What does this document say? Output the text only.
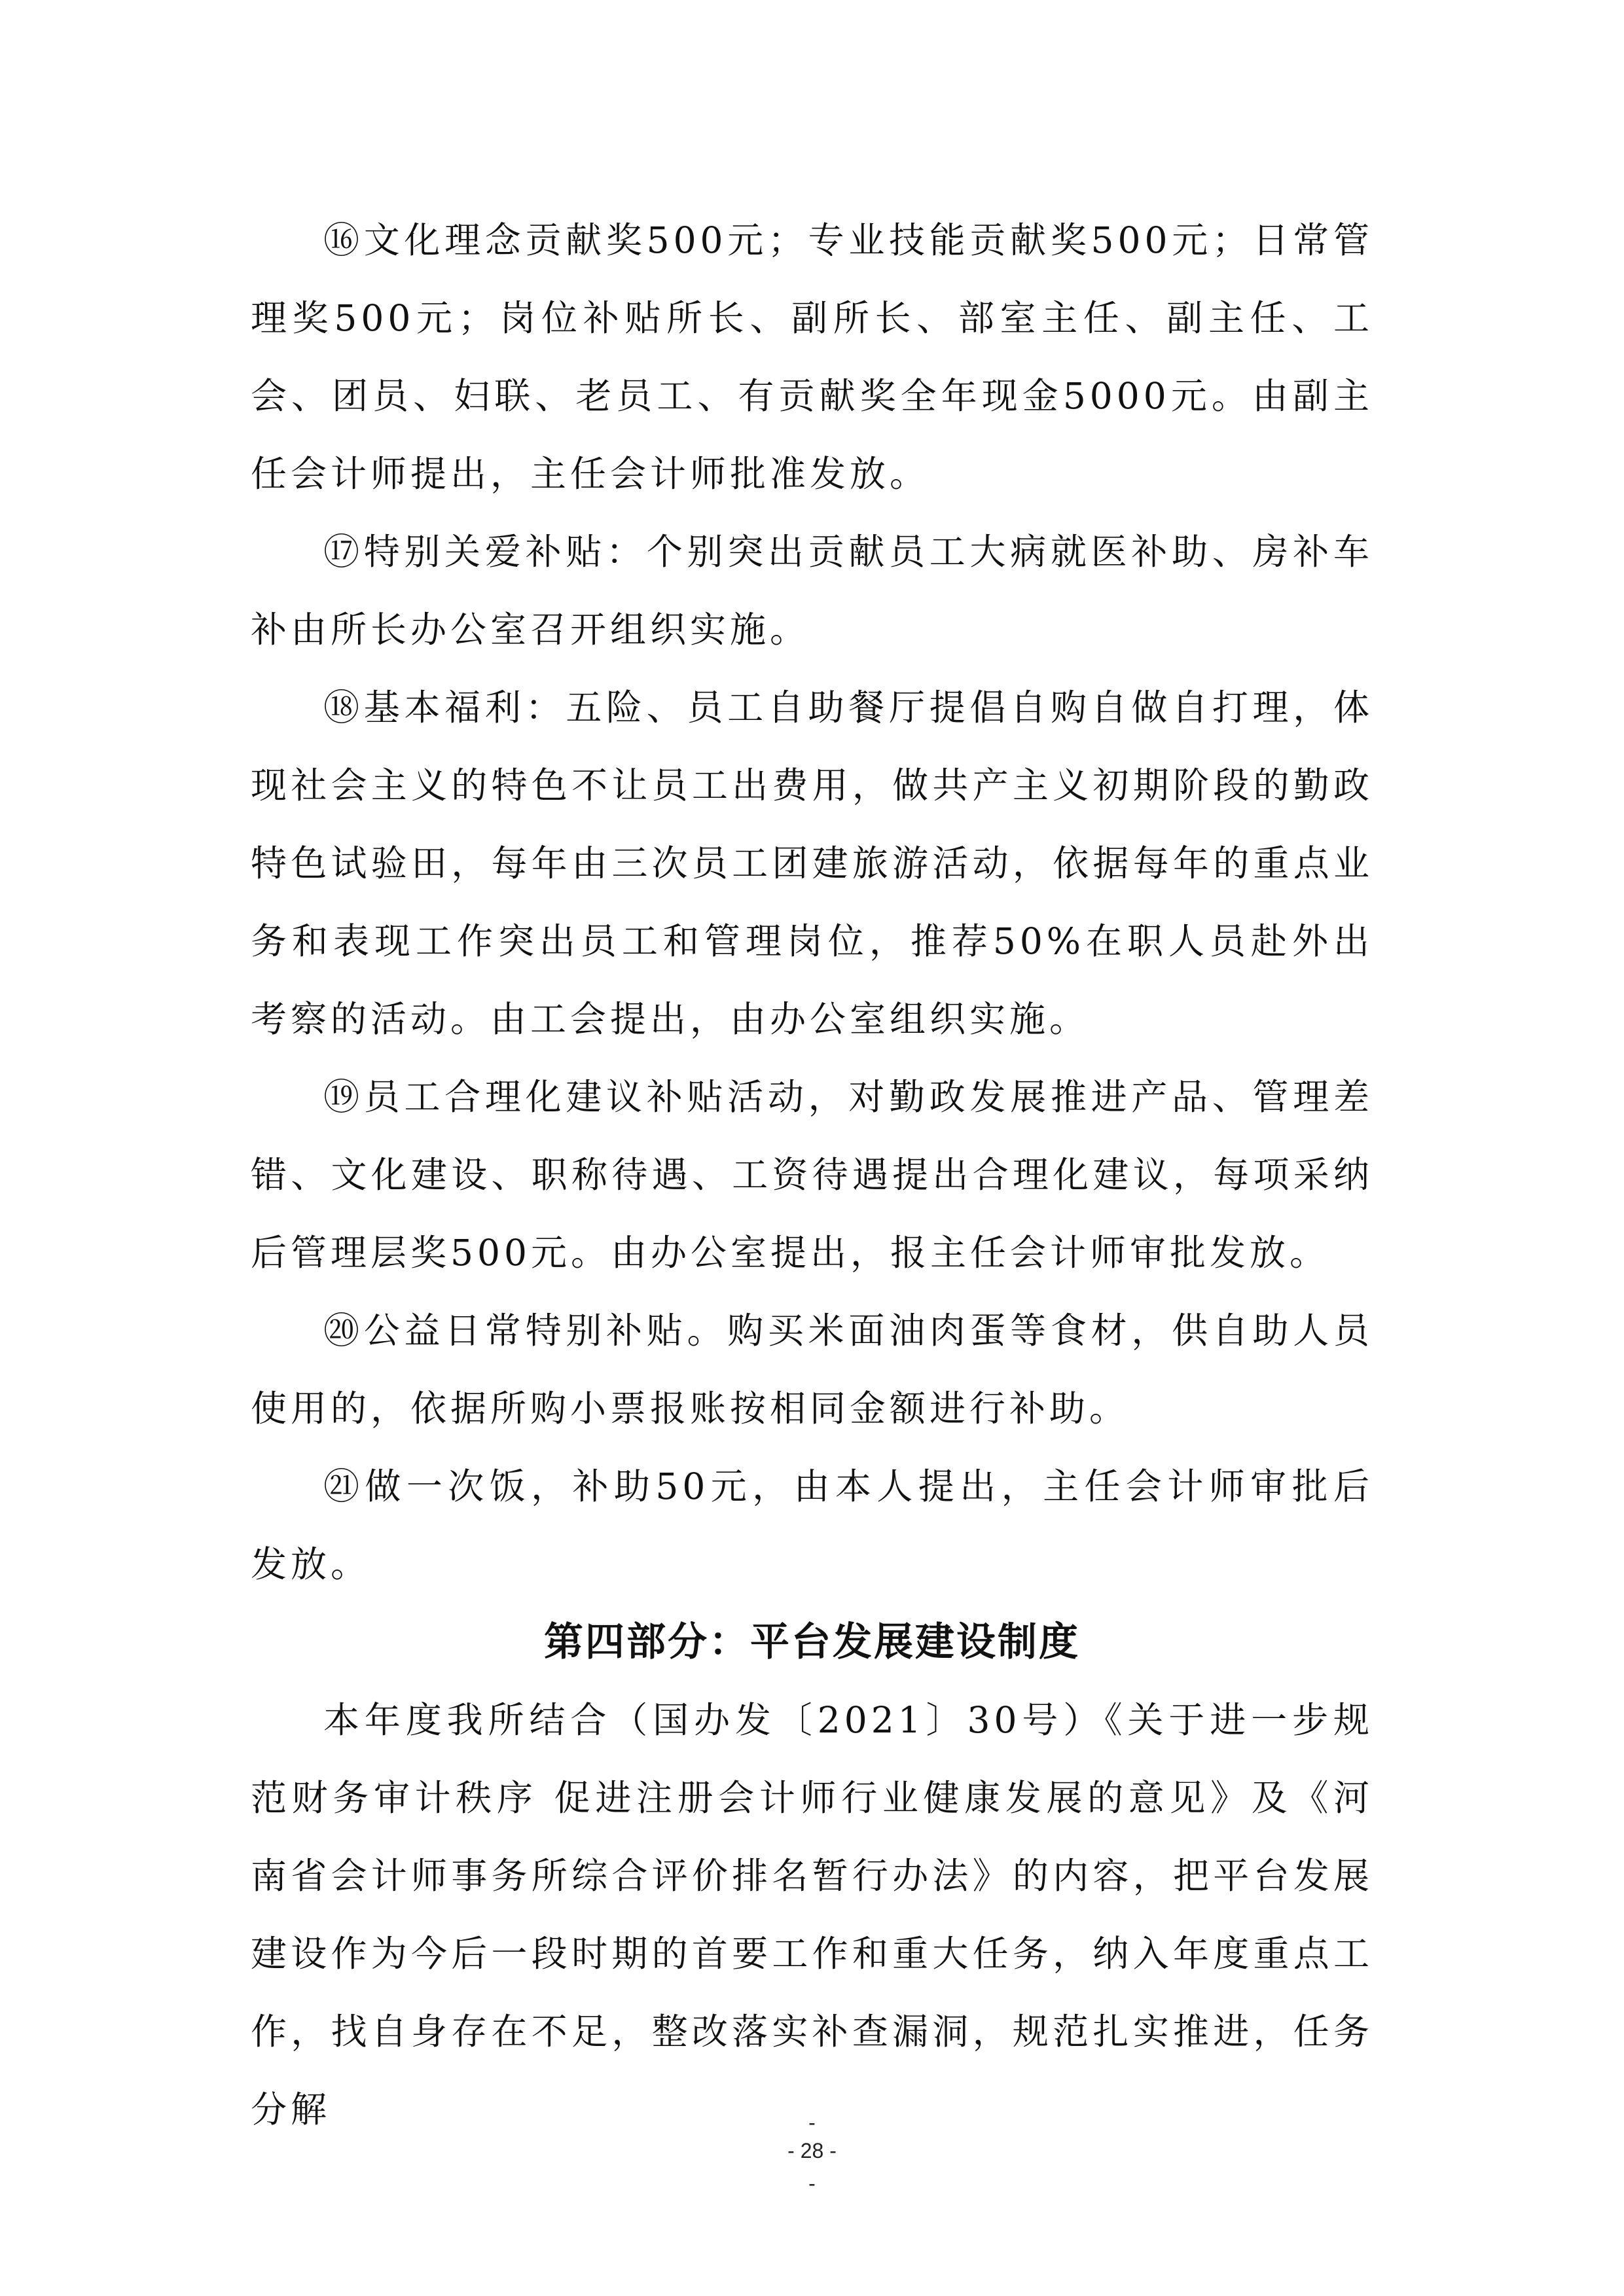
⑯文化理念贡献奖500元；专业技能贡献奖500元；日常管理奖500元；岗位补贴所长、副所长、部室主任、副主任、工会、团员、妇联、老员工、有贡献奖全年现金5000元。由副主任会计师提出，主任会计师批准发放。

⑰特别关爱补贴：个别突出贡献员工大病就医补助、房补车补由所长办公室召开组织实施。

⑱基本福利：五险、员工自助餐厅提倡自购自做自打理，体现社会主义的特色不让员工出费用，做共产主义初期阶段的勤政特色试验田，每年由三次员工团建旅游活动，依据每年的重点业务和表现工作突出员工和管理岗位，推荐50%在职人员赴外出考察的活动。由工会提出，由办公室组织实施。

⑲员工合理化建议补贴活动，对勤政发展推进产品、管理差错、文化建设、职称待遇、工资待遇提出合理化建议，每项采纳后管理层奖500元。由办公室提出，报主任会计师审批发放。

⑳公益日常特别补贴。购买米面油肉蛋等食材，供自助人员使用的，依据所购小票报账按相同金额进行补助。

㉑做一次饭，补助50元，由本人提出，主任会计师审批后发放。

第四部分：平台发展建设制度

本年度我所结合（国办发〔2021〕30号）《关于进一步规范财务审计秩序 促进注册会计师行业健康发展的意见》及《河南省会计师事务所综合评价排名暂行办法》的内容，把平台发展建设作为今后一段时期的首要工作和重大任务，纳入年度重点工作，找自身存在不足，整改落实补查漏洞，规范扎实推进，任务分解	-
- 28 -
-
